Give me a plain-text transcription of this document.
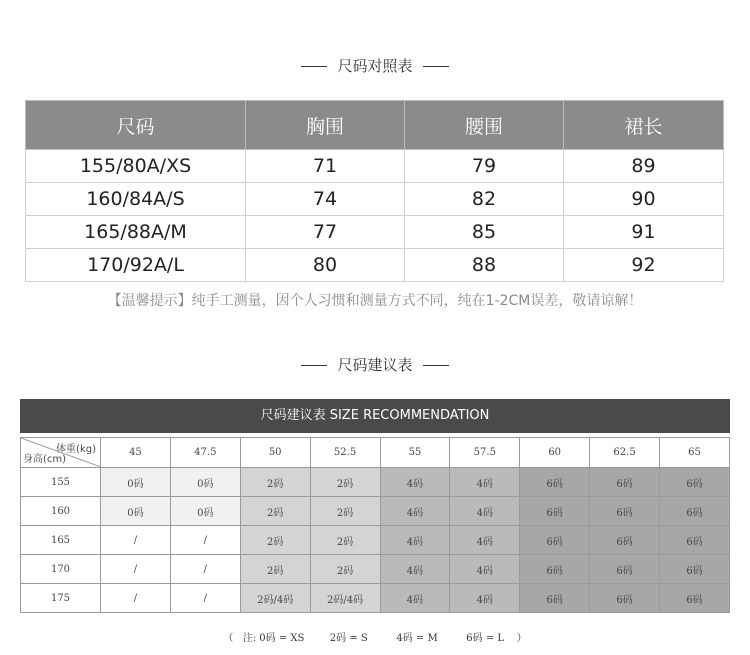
尺码对照表
尺码	胸围	腰围	裙长
155/80A/XS	71	79	89
160/84A/S	74	82	90
165/88A/M	77	85	91
170/92A/L	80	88	92
【温馨提示】纯手工测量，因个人习惯和测量方式不同，纯在1-2CM误差，敬请谅解！
尺码建议表
尺码建议表 SIZE RECOMMENDATION
体重(kg)
身高(cm)	45	47.5	50	52.5	55	57.5	60	62.5	65
155	0码	0码	2码	2码	4码	4码	6码	6码	6码
160	0码	0码	2码	2码	4码	4码	6码	6码	6码
165	/	/	2码	2码	4码	4码	6码	6码	6码
170	/	/	2码	2码	4码	4码	6码	6码	6码
175	/	/	2码/4码	2码/4码	4码	4码	6码	6码	6码
（   注: 0码 = XS        2码 = S         4码 = M         6码 = L    ）
